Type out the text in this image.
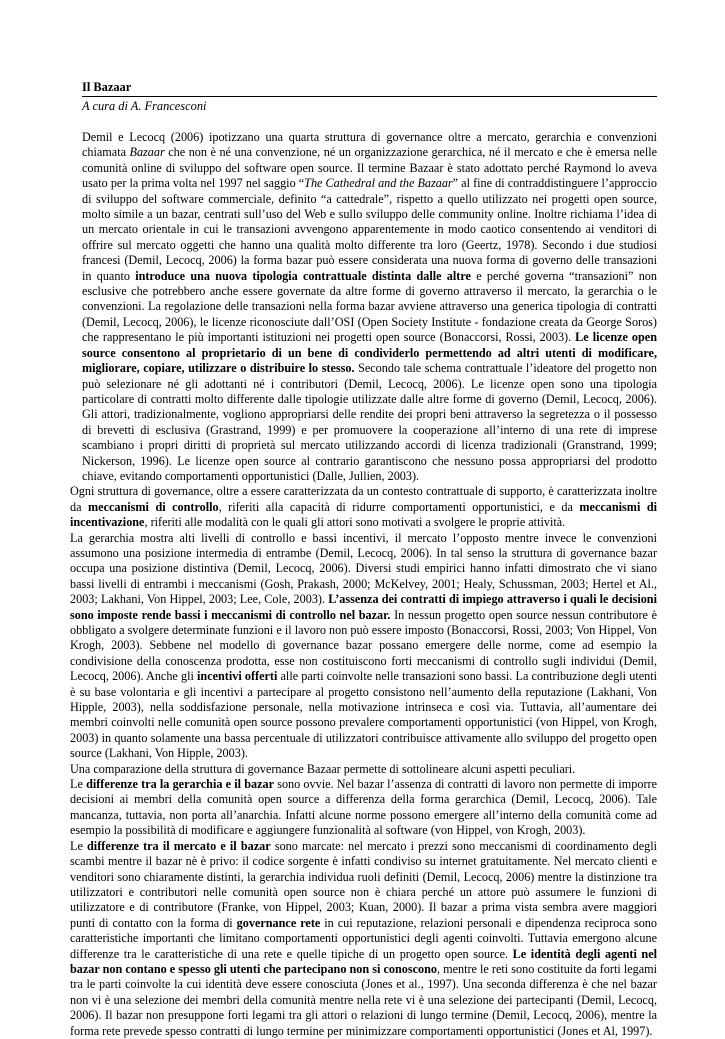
Il Bazaar
A cura di A. Francesconi

Demil e Lecocq (2006) ipotizzano una quarta struttura di governance oltre a mercato, gerarchia e convenzioni chiamata Bazaar che non è né una convenzione, né un organizzazione gerarchica, né il mercato e che è emersa nelle comunità online di sviluppo del software open source. Il termine Bazaar è stato adottato perché Raymond lo aveva usato per la prima volta nel 1997 nel saggio “The Cathedral and the Bazaar” al fine di contraddistinguere l’approccio di sviluppo del software commerciale, definito “a cattedrale”, rispetto a quello utilizzato nei progetti open source, molto simile a un bazar, centrati sull’uso del Web e sullo sviluppo delle community online. Inoltre richiama l’idea di un mercato orientale in cui le transazioni avvengono apparentemente in modo caotico consentendo ai venditori di offrire sul mercato oggetti che hanno una qualità molto differente tra loro (Geertz, 1978). Secondo i due studiosi francesi (Demil, Lecocq, 2006) la forma bazar può essere considerata una nuova forma di governo delle transazioni in quanto introduce una nuova tipologia contrattuale distinta dalle altre e perché governa “transazioni” non esclusive che potrebbero anche essere governate da altre forme di governo attraverso il mercato, la gerarchia o le convenzioni. La regolazione delle transazioni nella forma bazar avviene attraverso una generica tipologia di contratti (Demil, Lecocq, 2006), le licenze riconosciute dall’OSI (Open Society Institute - fondazione creata da George Soros) che rappresentano le più importanti istituzioni nei progetti open source (Bonaccorsi, Rossi, 2003). Le licenze open source consentono al proprietario di un bene di condividerlo permettendo ad altri utenti di modificare, migliorare, copiare, utilizzare o distribuire lo stesso. Secondo tale schema contrattuale l’ideatore del progetto non può selezionare né gli adottanti né i contributori (Demil, Lecocq, 2006). Le licenze open sono una tipologia particolare di contratti molto differente dalle tipologie utilizzate dalle altre forme di governo (Demil, Lecocq, 2006). Gli attori, tradizionalmente, vogliono appropriarsi delle rendite dei propri beni attraverso la segretezza o il possesso di brevetti di esclusiva (Grastrand, 1999) e per promuovere la cooperazione all’interno di una rete di imprese scambiano i propri diritti di proprietà sul mercato utilizzando accordi di licenza tradizionali (Granstrand, 1999; Nickerson, 1996). Le licenze open source al contrario garantiscono che nessuno possa appropriarsi del prodotto chiave, evitando comportamenti opportunistici (Dalle, Jullien, 2003).

Ogni struttura di governance, oltre a essere caratterizzata da un contesto contrattuale di supporto, è caratterizzata inoltre da meccanismi di controllo, riferiti alla capacità di ridurre comportamenti opportunistici, e da meccanismi di incentivazione, riferiti alle modalità con le quali gli attori sono motivati a svolgere le proprie attività.

La gerarchia mostra alti livelli di controllo e bassi incentivi, il mercato l’opposto mentre invece le convenzioni assumono una posizione intermedia di entrambe (Demil, Lecocq, 2006). In tal senso la struttura di governance bazar occupa una posizione distintiva (Demil, Lecocq, 2006). Diversi studi empirici hanno infatti dimostrato che vi siano bassi livelli di entrambi i meccanismi (Gosh, Prakash, 2000; McKelvey, 2001; Healy, Schussman, 2003; Hertel et Al., 2003; Lakhani, Von Hippel, 2003; Lee, Cole, 2003). L’assenza dei contratti di impiego attraverso i quali le decisioni sono imposte rende bassi i meccanismi di controllo nel bazar. In nessun progetto open source nessun contributore è obbligato a svolgere determinate funzioni e il lavoro non può essere imposto (Bonaccorsi, Rossi, 2003; Von Hippel, Von Krogh, 2003). Sebbene nel modello di governance bazar possano emergere delle norme, come ad esempio la condivisione della conoscenza prodotta, esse non costituiscono forti meccanismi di controllo sugli individui (Demil, Lecocq, 2006). Anche gli incentivi offerti alle parti coinvolte nelle transazioni sono bassi. La contribuzione degli utenti è su base volontaria e gli incentivi a partecipare al progetto consistono nell’aumento della reputazione (Lakhani, Von Hipple, 2003), nella soddisfazione personale, nella motivazione intrinseca e così via. Tuttavia, all’aumentare dei membri coinvolti nelle comunità open source possono prevalere comportamenti opportunistici (von Hippel, von Krogh, 2003) in quanto solamente una bassa percentuale di utilizzatori contribuisce attivamente allo sviluppo del progetto open source (Lakhani, Von Hipple, 2003).

Una comparazione della struttura di governance Bazaar permette di sottolineare alcuni aspetti peculiari.

Le differenze tra la gerarchia e il bazar sono ovvie. Nel bazar l’assenza di contratti di lavoro non permette di imporre decisioni ai membri della comunità open source a differenza della forma gerarchica (Demil, Lecocq, 2006). Tale mancanza, tuttavia, non porta all’anarchia. Infatti alcune norme possono emergere all’interno della comunità come ad esempio la possibilità di modificare e aggiungere funzionalità al software (von Hippel, von Krogh, 2003).

Le differenze tra il mercato e il bazar sono marcate: nel mercato i prezzi sono meccanismi di coordinamento degli scambi mentre il bazar nè è privo: il codice sorgente è infatti condiviso su internet gratuitamente. Nel mercato clienti e venditori sono chiaramente distinti, la gerarchia individua ruoli definiti (Demil, Lecocq, 2006) mentre la distinzione tra utilizzatori e contributori nelle comunità open source non è chiara perché un attore può assumere le funzioni di utilizzatore e di contributore (Franke, von Hippel, 2003; Kuan, 2000). Il bazar a prima vista sembra avere maggiori punti di contatto con la forma di governance rete in cui reputazione, relazioni personali e dipendenza reciproca sono caratteristiche importanti che limitano comportamenti opportunistici degli agenti coinvolti. Tuttavia emergono alcune differenze tra le caratteristiche di una rete e quelle tipiche di un progetto open source. Le identità degli agenti nel bazar non contano e spesso gli utenti che partecipano non si conoscono, mentre le reti sono costituite da forti legami tra le parti coinvolte la cui identità deve essere conosciuta (Jones et al., 1997). Una seconda differenza è che nel bazar non vi è una selezione dei membri della comunità mentre nella rete vi è una selezione dei partecipanti (Demil, Lecocq, 2006). Il bazar non presuppone forti legami tra gli attori o relazioni di lungo termine (Demil, Lecocq, 2006), mentre la forma rete prevede spesso contratti di lungo termine per minimizzare comportamenti opportunistici (Jones et Al, 1997).
